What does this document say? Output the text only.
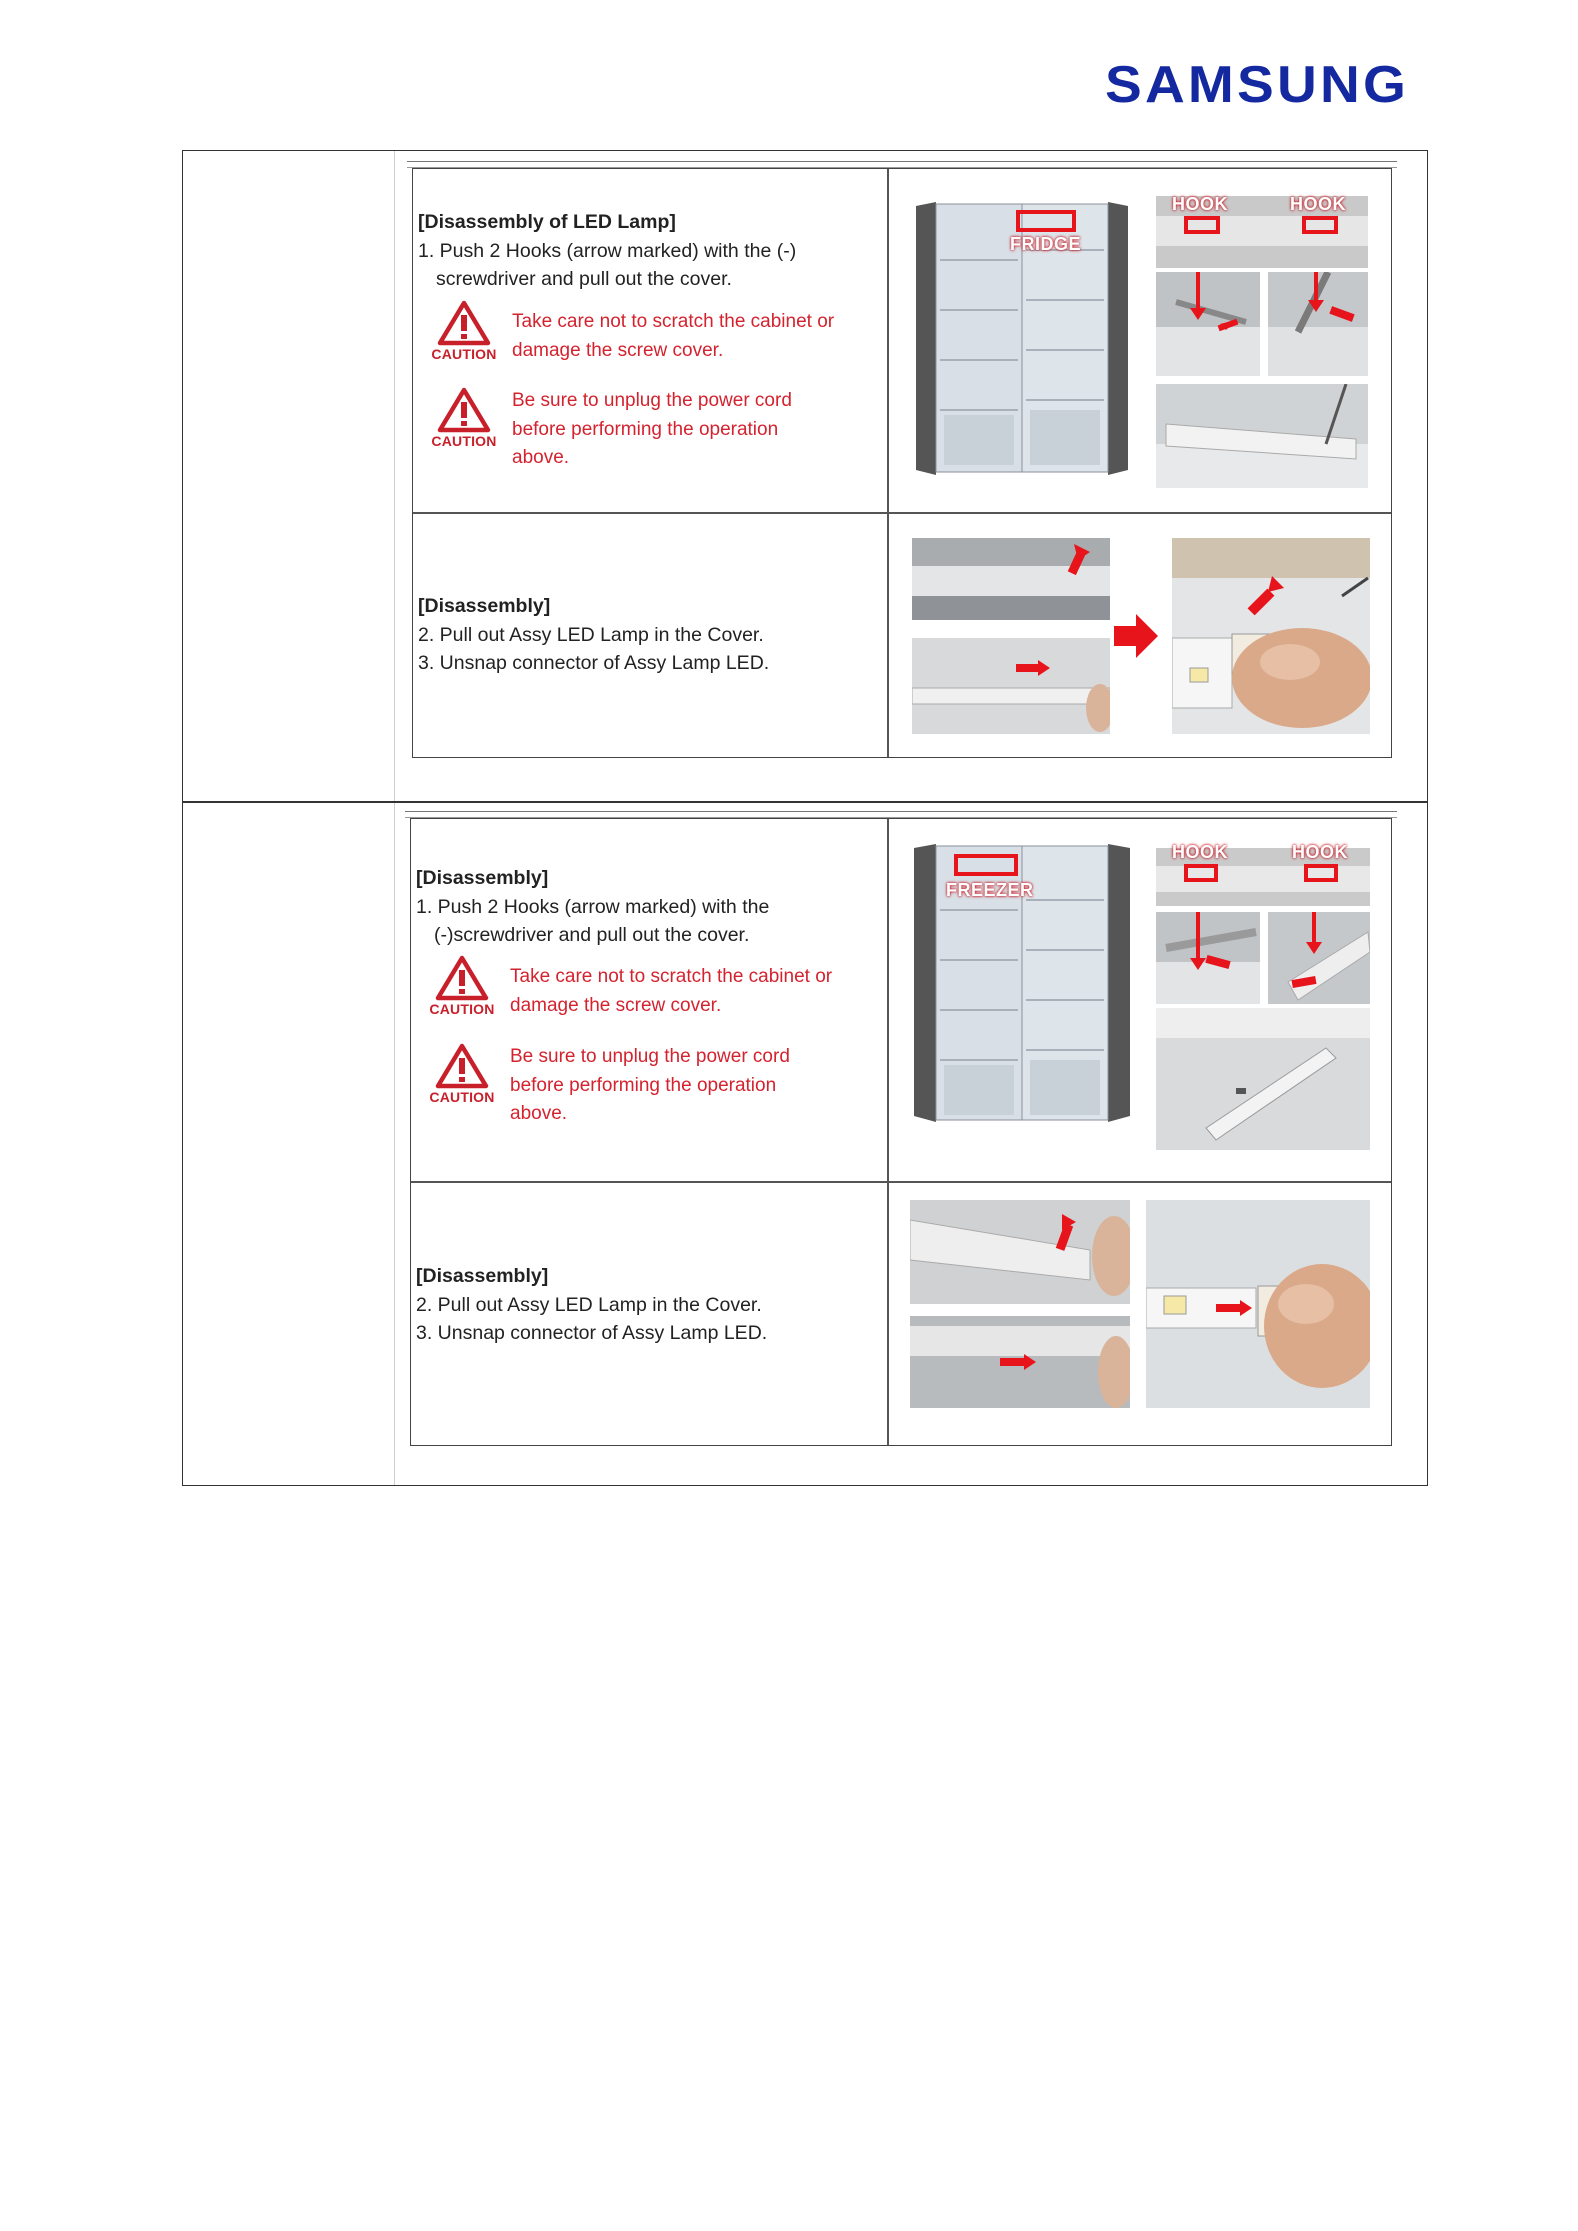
SAMSUNG
[Disassembly of LED Lamp]
1. Push 2 Hooks (arrow marked) with the (-)
screwdriver and pull out the cover.
CAUTION
Take care not to scratch the cabinet or
damage the screw cover.
CAUTION
Be sure to unplug the power cord
before performing the operation
above.
FRIDGE
HOOK	HOOK
[Disassembly]
2. Pull out Assy LED Lamp in the Cover.
3. Unsnap connector of Assy Lamp LED.
[Disassembly]
1. Push 2 Hooks (arrow marked) with the
(-)screwdriver and pull out the cover.
CAUTION
Take care not to scratch the cabinet or
damage the screw cover.
CAUTION
Be sure to unplug the power cord
before performing the operation
above.
FREEZER
HOOK	HOOK
[Disassembly]
2. Pull out Assy LED Lamp in the Cover.
3. Unsnap connector of Assy Lamp LED.
